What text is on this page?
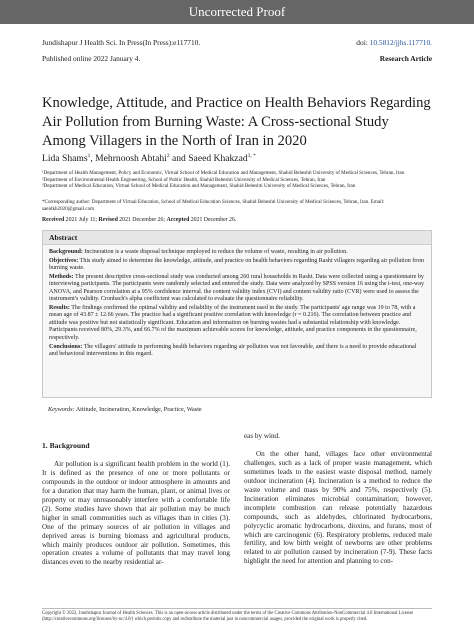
Uncorrected Proof
Jundishapur J Health Sci. In Press(In Press):e117710.	doi: 10.5812/jjhs.117710.
Published online 2022 January 4.	Research Article
Knowledge, Attitude, and Practice on Health Behaviors Regarding Air Pollution from Burning Waste: A Cross-sectional Study Among Villagers in the North of Iran in 2020
Lida Shams$^1$, Mehrnoosh Abtahi$^2$ and Saeed Khakzad$^{3, *}$
¹Department of Health Management, Policy and Economic, Virtual School of Medical Education and Management, Shahid Beheshti University of Medical Sciences, Tehran, Iran
²Department of Environmental Health Engineering, School of Public Health, Shahid Beheshti University of Medical Sciences, Tehran, Iran
³Department of Medical Education, Virtual School of Medical Education and Management, Shahid Beheshti University of Medical Sciences, Tehran, Iran
*Corresponding author: Department of Virtual Education, School of Medical Education Sciences, Shahid Beheshti University of Medical Sciences, Tehran, Iran. Email: saeidkh2020@gmail.com
Received 2021 July 11; Revised 2021 December 26; Accepted 2021 December 26.
Abstract

Background: Incineration is a waste disposal technique employed to reduce the volume of waste, resulting in air pollution.

Objectives: This study aimed to determine the knowledge, attitude, and practice on health behaviors regarding Rasht villagers regarding air pollution from burning waste.

Methods: The present descriptive cross-sectional study was conducted among 260 rural households in Rasht. Data were collected using a questionnaire by interviewing participants. The participants were randomly selected and entered the study. Data were analyzed by SPSS version 16 using the t-test, one-way ANOVA, and Pearson correlation at a 95% confidence interval. the content validity index (CVI) and content validity ratio (CVR) were used to assess the instrument's validity. Cronbach's alpha coefficient was calculated to evaluate the questionnaire reliability.

Results: The findings confirmed the optimal validity and reliability of the instrument used in the study. The participants' age range was 19 to 78, with a mean age of 43.87 ± 12.66 years. The practice had a significant positive correlation with knowledge (r = 0.216). The correlation between practice and attitude was positive but not statistically significant. Education and information on burning wastes had a substantial relationship with knowledge. Participants received 80%, 29.3%, and 66.7% of the maximum achievable scores for knowledge, attitude, and practice components in the questionnaire, respectively.

Conclusions: The villagers' attitude in performing health behaviors regarding air pollution was not favorable, and there is a need to provide educational and behavioral interventions in this regard.

Keywords: Attitude, Incineration, Knowledge, Practice, Waste
1. Background
Air pollution is a significant health problem in the world (1). It is defined as the presence of one or more pollutants or compounds in the outdoor or indoor atmosphere in amounts and for a duration that may harm the human, plant, or animal lives or property or may unreasonably interfere with a comfortable life (2). Some studies have shown that air pollution may be much higher in small communities such as villages than in cities (3). One of the primary sources of air pollution in villages and deprived areas is burning biomass and agricultural products, which mainly produces outdoor air pollution. Sometimes, this operation creates a volume of pollutants that may travel long distances even to the nearby residential ar-
eas by wind.
On the other hand, villages face other environmental challenges, such as a lack of proper waste management, which sometimes leads to the easiest waste disposal method, namely outdoor incineration (4). Incineration is a method to reduce the waste volume and mass by 90% and 75%, respectively (5). Incineration eliminates microbial contamination; however, incomplete combustion can release potentially hazardous compounds, such as aldehydes, chlorinated hydrocarbons, polycyclic aromatic hydrocarbons, dioxins, and furans, most of which are carcinogenic (6). Respiratory problems, reduced male fertility, and low birth weight of newborns are other problems related to air pollution caused by incineration (7-9). These facts highlight the need for attention and planning to con-
Copyright © 2022, Jundishapur Journal of Health Sciences. This is an open-access article distributed under the terms of the Creative Commons Attribution-NonCommercial 4.0 International License (http://creativecommons.org/licenses/by-nc/4.0/) which permits copy and redistribute the material just in noncommercial usages, provided the original work is properly cited.
